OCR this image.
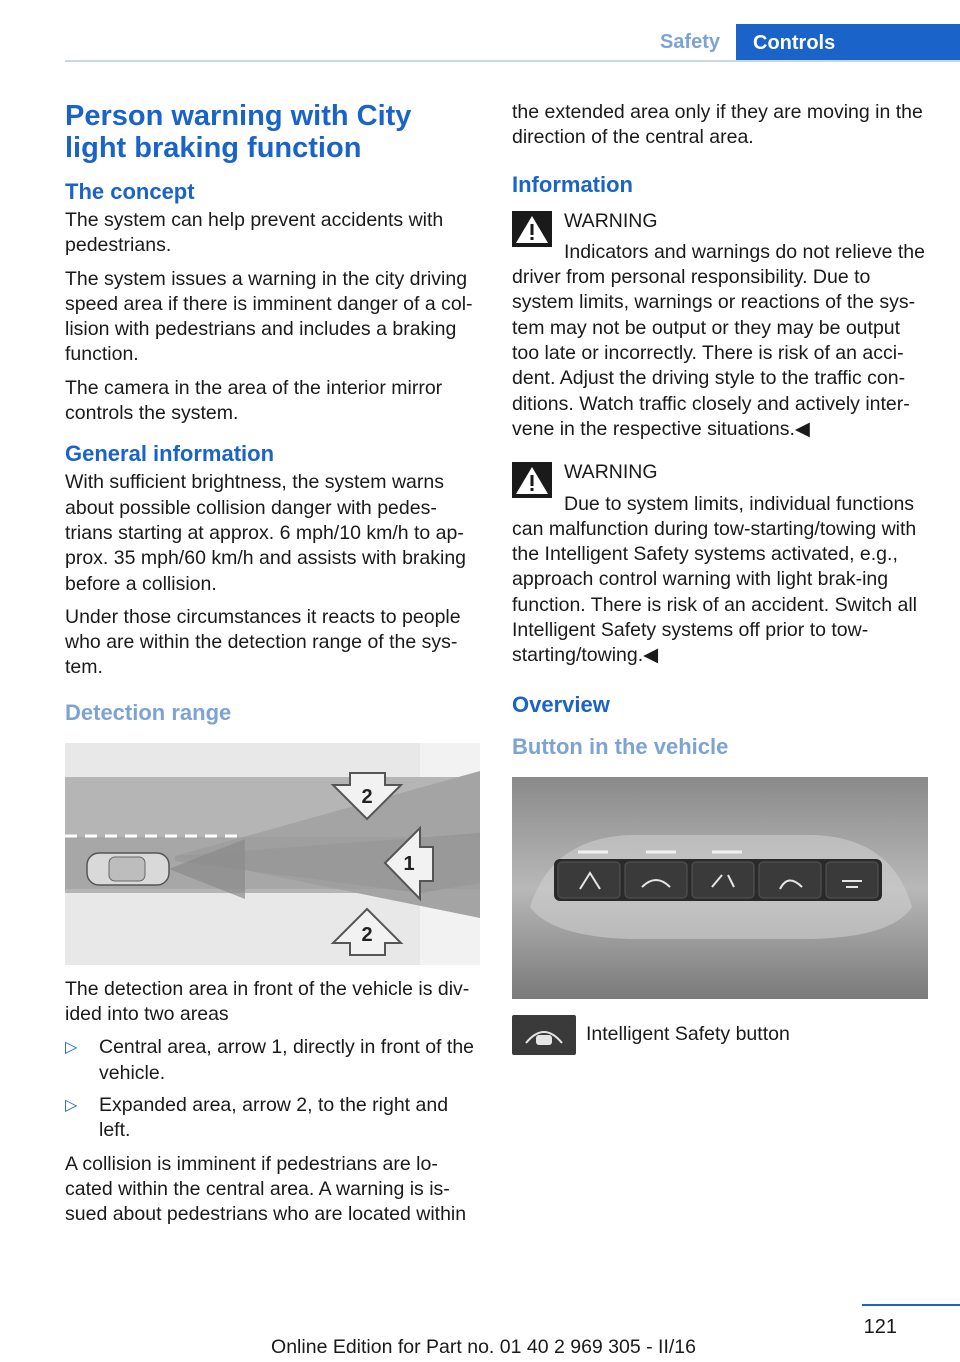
Safety	Controls
Person warning with City light braking function
The concept

The system can help prevent accidents with pedestrians.

The system issues a warning in the city driving speed area if there is imminent danger of a col-lision with pedestrians and includes a braking function.

The camera in the area of the interior mirror controls the system.

General information

With sufficient brightness, the system warns about possible collision danger with pedes-trians starting at approx. 6 mph/10 km/h to ap-prox. 35 mph/60 km/h and assists with braking before a collision.

Under those circumstances it reacts to people who are within the detection range of the sys-tem.

Detection range
2
1
2

The detection area in front of the vehicle is div-ided into two areas

▷ Central area, arrow 1, directly in front of the vehicle.
▷ Expanded area, arrow 2, to the right and left.

A collision is imminent if pedestrians are lo-cated within the central area. A warning is is-sued about pedestrians who are located within

the extended area only if they are moving in the direction of the central area.

Information

WARNING

Indicators and warnings do not relieve the driver from personal responsibility. Due to system limits, warnings or reactions of the sys-tem may not be output or they may be output too late or incorrectly. There is risk of an acci-dent. Adjust the driving style to the traffic con-ditions. Watch traffic closely and actively inter-vene in the respective situations.◀

WARNING

Due to system limits, individual functions can malfunction during tow-starting/towing with the Intelligent Safety systems activated, e.g., approach control warning with light brak-ing function. There is risk of an accident. Switch all Intelligent Safety systems off prior to tow-starting/towing.◀

Overview
Button in the vehicle

Intelligent Safety button

121
Online Edition for Part no. 01 40 2 969 305 - II/16
